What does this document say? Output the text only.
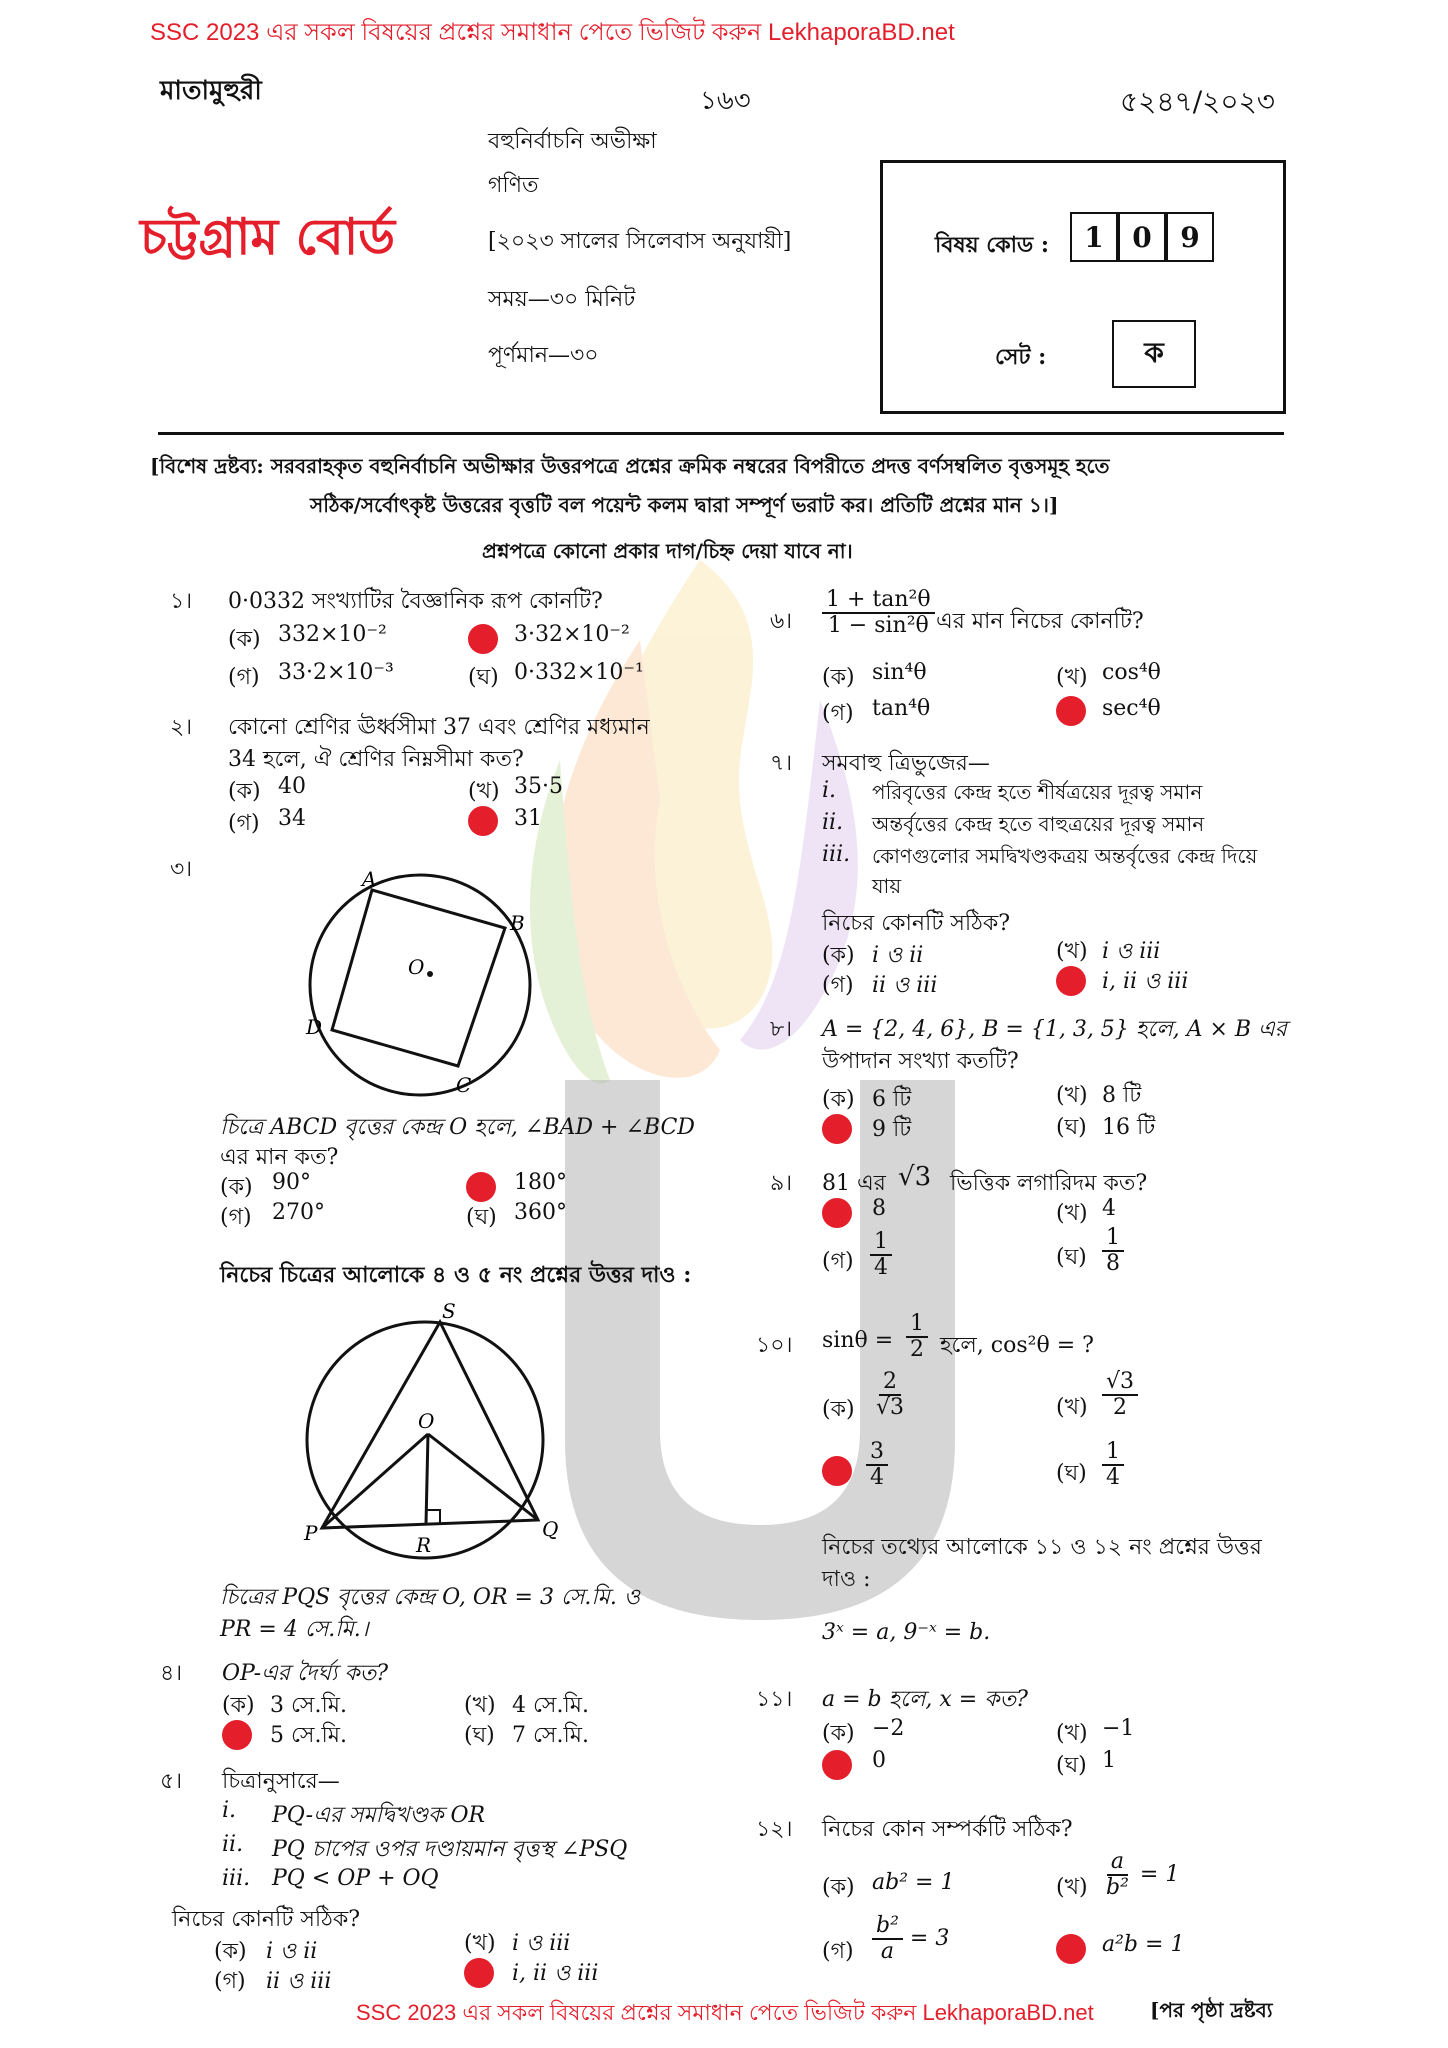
SSC 2023 এর সকল বিষয়ের প্রশ্নের সমাধান পেতে ভিজিট করুন LekhaporaBD.net
মাতামুহুরী	১৬৩	৫২৪৭/২০২৩
চট্টগ্রাম বোর্ড
বহুনির্বাচনি অভীক্ষা
গণিত
[২০২৩ সালের সিলেবাস অনুযায়ী]
সময়—৩০ মিনিট
পূর্ণমান—৩০
বিষয় কোড :	1	0	9
সেট :	ক
[বিশেষ দ্রষ্টব্য: সরবরাহকৃত বহুনির্বাচনি অভীক্ষার উত্তরপত্রে প্রশ্নের ক্রমিক নম্বরের বিপরীতে প্রদত্ত বর্ণসম্বলিত বৃত্তসমূহ হতে
সঠিক/সর্বোৎকৃষ্ট উত্তরের বৃত্তটি বল পয়েন্ট কলম দ্বারা সম্পূর্ণ ভরাট কর। প্রতিটি প্রশ্নের মান ১।]
প্রশ্নপত্রে কোনো প্রকার দাগ/চিহ্ন দেয়া যাবে না।
১। 0·0332 সংখ্যাটির বৈজ্ঞানিক রূপ কোনটি?
(ক) 332×10⁻²	3·32×10⁻²
(গ) 33·2×10⁻³	(ঘ) 0·332×10⁻¹
২। কোনো শ্রেণির ঊর্ধ্বসীমা 37 এবং শ্রেণির মধ্যমান
34 হলে, ঐ শ্রেণির নিম্নসীমা কত?
(ক) 40	(খ) 35·5
(গ) 34	31
৩।	A
B
C
D
O
চিত্রে ABCD বৃত্তের কেন্দ্র O হলে, ∠BAD + ∠BCD
এর মান কত?
(ক) 90°	180°
(গ) 270°	(ঘ) 360°
নিচের চিত্রের আলোকে ৪ ও ৫ নং প্রশ্নের উত্তর দাও :
S
O
P	Q
R
চিত্রের PQS বৃত্তের কেন্দ্র O, OR = 3 সে.মি. ও
PR = 4 সে.মি.।
৪। OP-এর দৈর্ঘ্য কত?
(ক) 3 সে.মি.	(খ) 4 সে.মি.
5 সে.মি.	(ঘ) 7 সে.মি.
৫। চিত্রানুসারে—
i. PQ-এর সমদ্বিখণ্ডক OR
ii. PQ চাপের ওপর দণ্ডায়মান বৃত্তস্থ ∠PSQ
iii. PQ < OP + OQ
নিচের কোনটি সঠিক?
(ক) i ও ii	(খ) i ও iii
(গ) ii ও iii	i, ii ও iii
৬। $\frac{\text{1 + tan²θ}}{\text{1 − sin²θ}}$ এর মান নিচের কোনটি?
(ক) sin⁴θ	(খ) cos⁴θ
(গ) tan⁴θ	sec⁴θ
৭। সমবাহু ত্রিভুজের—
i. পরিবৃত্তের কেন্দ্র হতে শীর্ষত্রয়ের দূরত্ব সমান
ii. অন্তর্বৃত্তের কেন্দ্র হতে বাহুত্রয়ের দূরত্ব সমান
iii. কোণগুলোর সমদ্বিখণ্ডকত্রয় অন্তর্বৃত্তের কেন্দ্র দিয়ে
যায়
নিচের কোনটি সঠিক?
(ক) i ও ii	(খ) i ও iii
(গ) ii ও iii	i, ii ও iii
৮। A = {2, 4, 6}, B = {1, 3, 5} হলে, A × B এর
উপাদান সংখ্যা কতটি?
(ক) 6 টি	(খ) 8 টি
9 টি	(ঘ) 16 টি
৯। 81 এর √3 ভিত্তিক লগারিদম কত?
8	(খ) 4
(গ) $\frac{1}{4}$	(ঘ) $\frac{1}{8}$
১০। $\sin\theta = \frac{1}{2}$ হলে, cos²θ = ?
(ক) $\frac{2}{√3}$	(খ) $\frac{√3}{2}$
$\frac{3}{4}$	(ঘ) $\frac{1}{4}$
নিচের তথ্যের আলোকে ১১ ও ১২ নং প্রশ্নের উত্তর
দাও :
3ˣ = a, 9⁻ˣ = b.
১১। a = b হলে, x = কত?
(ক) −2	(খ) −1
0	(ঘ) 1
১২। নিচের কোন সম্পর্কটি সঠিক?
(ক) ab² = 1	(খ) $\frac{a}{\text{b²}} = 1$
(গ) $\frac{\text{b²}}{a} = 3$	a²b = 1
SSC 2023 এর সকল বিষয়ের প্রশ্নের সমাধান পেতে ভিজিট করুন LekhaporaBD.net	[পর পৃষ্ঠা দ্রষ্টব্য
